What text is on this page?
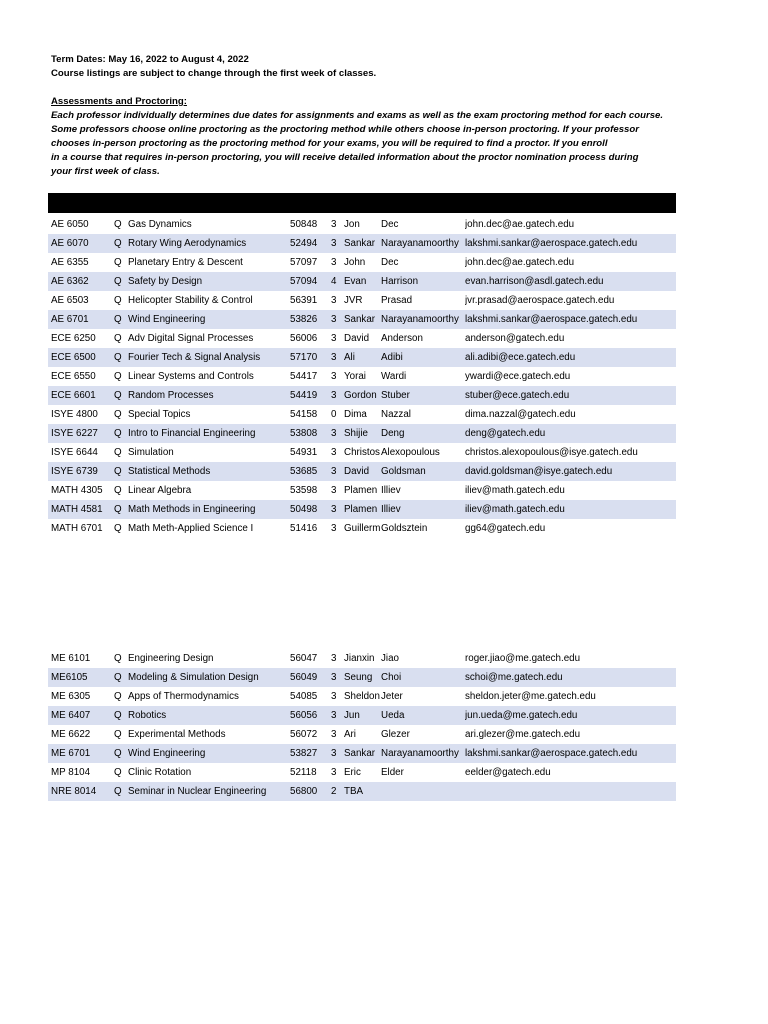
Term Dates: May 16, 2022 to August 4, 2022
Course listings are subject to change through the first week of classes.
Assessments and Proctoring:
Each professor individually determines due dates for assignments and exams as well as the exam proctoring method for each course.
Some professors choose online proctoring as the proctoring method while others choose in-person proctoring. If your professor
chooses in-person proctoring as the proctoring method for your exams, you will be required to find a proctor. If you enroll
in a course that requires in-person proctoring, you will receive detailed information about the proctor nomination process during
your first week of class.
AE 6050	Q Gas Dynamics	50848	3 Jon	Dec	john.dec@ae.gatech.edu
AE 6070	Q Rotary Wing Aerodynamics	52494	3 Sankar Narayanamoorthy lakshmi.sankar@aerospace.gatech.edu
AE 6355	Q Planetary Entry & Descent	57097	3 John	Dec	john.dec@ae.gatech.edu
AE 6362	Q Safety by Design	57094	4 Evan	Harrison	evan.harrison@asdl.gatech.edu
AE 6503	Q Helicopter Stability & Control	56391	3 JVR	Prasad	jvr.prasad@aerospace.gatech.edu
AE 6701	Q Wind Engineering	53826	3 Sankar Narayanamoorthy lakshmi.sankar@aerospace.gatech.edu
ECE 6250	Q Adv Digital Signal Processes	56006	3 David	Anderson	anderson@gatech.edu
ECE 6500	Q Fourier Tech & Signal Analysis	57170	3 Ali	Adibi	ali.adibi@ece.gatech.edu
ECE 6550	Q Linear Systems and Controls	54417	3 Yorai	Wardi	ywardi@ece.gatech.edu
ECE 6601	Q Random Processes	54419	3 Gordon Stuber	stuber@ece.gatech.edu
ISYE 4800	Q Special Topics	54158	0 Dima	Nazzal	dima.nazzal@gatech.edu
ISYE 6227	Q Intro to Financial Engineering	53808	3 Shijie	Deng	deng@gatech.edu
ISYE 6644	Q Simulation	54931	3 Christos Alexopoulous	christos.alexopoulous@isye.gatech.edu
ISYE 6739	Q Statistical Methods	53685	3 David	Goldsman	david.goldsman@isye.gatech.edu
MATH 4305	Q Linear Algebra	53598	3 Plamen Illiev	iliev@math.gatech.edu
MATH 4581	Q Math Methods in Engineering	50498	3 Plamen Illiev	iliev@math.gatech.edu
MATH 6701	Q Math Meth-Applied Science I	51416	3 Guillerm Goldsztein	gg64@gatech.edu
ME 6101	Q Engineering Design	56047	3 Jianxin Jiao	roger.jiao@me.gatech.edu
ME6105	Q Modeling & Simulation Design	56049	3 Seung Choi	schoi@me.gatech.edu
ME 6305	Q Apps of Thermodynamics	54085	3 Sheldon Jeter	sheldon.jeter@me.gatech.edu
ME 6407	Q Robotics	56056	3 Jun	Ueda	jun.ueda@me.gatech.edu
ME 6622	Q Experimental Methods	56072	3 Ari	Glezer	ari.glezer@me.gatech.edu
ME 6701	Q Wind Engineering	53827	3 Sankar Narayanamoorthy lakshmi.sankar@aerospace.gatech.edu
MP 8104	Q Clinic Rotation	52118	3 Eric	Elder	eelder@gatech.edu
NRE 8014	Q Seminar in Nuclear Engineering	56800	2 TBA
